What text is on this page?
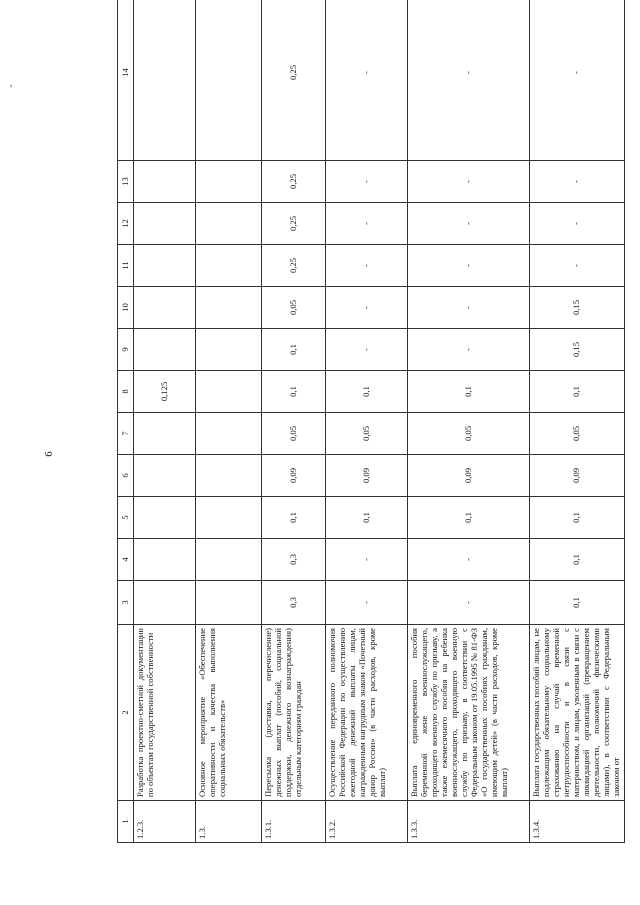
6
,
1	2	3	4	5	6	7	8	9	10	11	12	13	14
1.2.3.	Разработка проектно-сметной документации по объектам государственной собственности						0,125						
1.3.	Основное мероприятие «Обеспечение оперативности и качества выполнения социальных обязательств»												
1.3.1.	Пересылка (доставка, перечисление) денежных выплат (пособий, социальной поддержки, денежного вознаграждения) отдельным категориям граждан	0,3	0,3	0,1	0,09	0,05	0,1	0,1	0,05	0,25	0,25	0,25	0,25
1.3.2.	Осуществление переданного полномочия Российской Федерации по осуществлению ежегодной денежной выплаты лицам, награжденным нагрудным знаком «Почетный донор России» (в части расходов, кроме выплат)	-	-	0,1	0,09	0,05	0,1	-	-	-	-	-	-
1.3.3.	Выплата единовременного пособия беременной жене военнослужащего, проходящего военную службу по призыву, а также ежемесячного пособия на ребенка военнослужащего, проходящего военную службу по призыву, в соответствии с Федеральным законом от 19.05.1995 № 81-ФЗ «О государственных пособиях гражданам, имеющим детей» (в части расходов, кроме выплат)	-	-	0,1	0,09	0,05	0,1	-	-	-	-	-	-
1.3.4.	Выплата государственных пособий лицам, не подлежащим обязательному социальному страхованию на случай временной нетрудоспособности и в связи с материнством, и лицам, уволенным в связи с ликвидацией организаций (прекращением деятельности, полномочий физическими лицами), в соответствии с Федеральным законом от	0,1	0,1	0,1	0,09	0,05	0,1	0,15	0,15	-	-	-	-
